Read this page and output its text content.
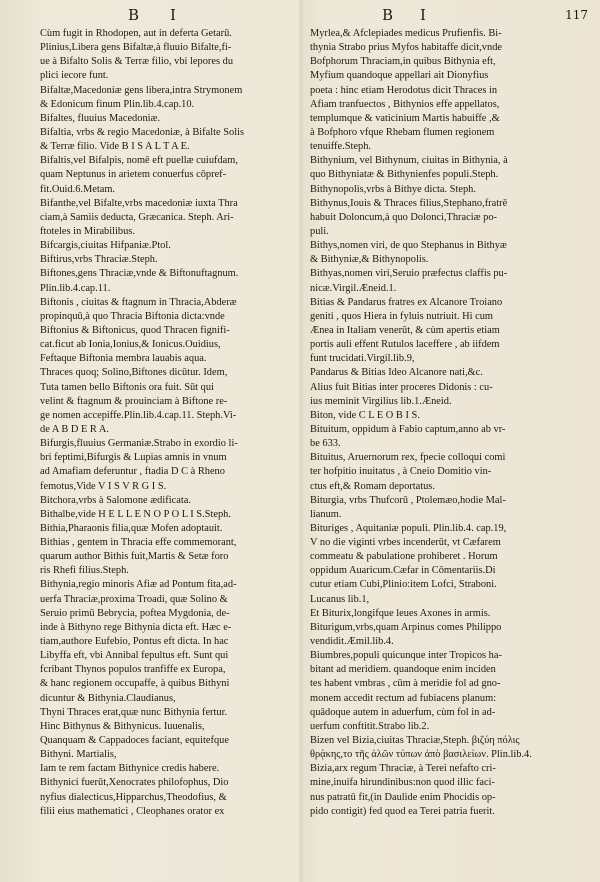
B I	B I	117
Cùm fugit in Rhodopen, aut in deferta Getarū.
Plinius,Libera gens Bifaltæ,à fluuio Bifalte,fi-
ue à Bifalto Solis & Terræ filio, vbi lepores du
plici iecore funt.
Bifaltæ,Macedoniæ gens libera,intra Strymonem
& Edonicum finum Plin.lib.4.cap.10.
Bifaltes, fluuius Macedoniæ.
Bifaltia, vrbs & regio Macedoniæ, à Bifalte Solis
& Terræ filio. Vide B I S A L T A E.
Bifaltis,vel Bifalpis, nomē eft puellæ cuiufdam,
quam Neptunus in arietem conuerfus cōpref-
fit.Ouid.6.Metam.
Bifanthe,vel Bifalte,vrbs macedoniæ iuxta Thra
ciam,à Samiis deducta, Græcanica. Steph. Ari-
ftoteles in Mirabilibus.
Bifcargis,ciuitas Hifpaniæ.Ptol.
Biftirus,vrbs Thraciæ.Steph.
Biftones,gens Thraciæ,vnde & Biftonuftagnum.
Plin.lib.4.cap.11.
Biftonis , ciuitas & ftagnum in Thracia,Abderæ
propinquū,à quo Thracia Biftonia dicta:vnde
Biftonius & Biftonicus, quod Thracen fignifi-
cat.ficut ab Ionia,Ionius,& Ionicus.Ouidius,
Feftaque Biftonia membra lauabis aqua.
Thraces quoq; Solino,Biftones dicūtur. Idem,
Tuta tamen bello Biftonis ora fuit. Sūt qui
velint & ftagnum & prouinciam à Biftone re-
ge nomen accepiffe.Plin.lib.4.cap.11. Steph.Vi-
de A B D E R A.
Bifurgis,fluuius Germaniæ.Strabo in exordio li-
bri feptimi,Bifurgis & Lupias amnis in vnum
ad Amafiam deferuntur , ftadia D C à Rheno
femotus,Vide V I S V R G I S.
Bitchora,vrbs à Salomone ædificata.
Bithalbe,vide H E L L E N O P O L I S.Steph.
Bithia,Pharaonis filia,quæ Mofen adoptauit.
Bithias , gentem in Thracia effe commemorant,
quarum author Bithis fuit,Martis & Setæ foro
ris Rhefi filius.Steph.
Bithynia,regio minoris Afiæ ad Pontum fita,ad-
uerfa Thraciæ,proxima Troadi, quæ Solino &
Seruio primū Bebrycia, poftea Mygdonia, de-
inde à Bithyno rege Bithynia dicta eft. Hæc e-
tiam,authore Eufebio, Pontus eft dicta. In hac
Libyffa eft, vbi Annibal fepultus eft. Sunt qui
fcribant Thynos populos tranfiffe ex Europa,
& hanc regionem occupaffe, à quibus Bithyni
dicuntur & Bithynia.Claudianus,
Thyni Thraces erat,quæ nunc Bithynia fertur.
Hinc Bithynus & Bithynicus. Iuuenalis,
Quanquam & Cappadoces faciant, equitefque
Bithyni. Martialis,
Iam te rem factam Bithynice credis habere.
Bithynici fuerūt,Xenocrates philofophus, Dio
nyfius dialecticus,Hipparchus,Theodofius, &
filii eius mathematici , Cleophanes orator ex
Myrlea,& Afclepiades medicus Prufienfis. Bi-
thynia Strabo prius Myfos habitaffe dicit,vnde
Bofphorum Thraciam,in quibus Bithynia eft,
Myfium quandoque appellari ait Dionyfius
poeta : hinc etiam Herodotus dicit Thraces in
Afiam tranfuectos , Bithynios effe appellatos,
templumque & vaticinium Martis habuiffe ,&
à Bofphoro vfque Rhebam flumen regionem
tenuiffe.Steph.
Bithynium, vel Bithynum, ciuitas in Bithynia, à
quo Bithyniatæ & Bithynienfes populi.Steph.
Bithynopolis,vrbs à Bithye dicta. Steph.
Bithynus,Iouis & Thraces filius,Stephano,fratrē
habuit Doloncum,à quo Dolonci,Thraciæ po-
puli.
Bithys,nomen viri, de quo Stephanus in Bithyæ
& Bithyniæ,& Bithynopolis.
Bithyas,nomen viri,Seruio præfectus claffis pu-
nicæ.Virgil.Æneid.1.
Bitias & Pandarus fratres ex Alcanore Troiano
geniti , quos Hiera in fyluis nutriuit. Hi cum
Ænea in Italiam venerūt, & cùm apertis etiam
portis auli effent Rutulos laceffere , ab iifdem
funt trucidati.Virgil.lib.9,
Pandarus & Bitias Ideo Alcanore nati,&c.
Alius fuit Bitias inter proceres Didonis : cu-
ius meminit Virgilius lib.1.Æneid.
Biton, vide C L E O B I S.
Bituitum, oppidum à Fabio captum,anno ab vr-
be 633.
Bituitus, Aruernorum rex, fpecie colloqui comi
ter hofpitio inuitatus , à Cneio Domitio vin-
ctus eft,& Romam deportatus.
Biturgia, vrbs Thufcorū , Ptolemæo,hodie Mal-
lianum.
Bituriges , Aquitaniæ populi. Plin.lib.4. cap.19,
V no die viginti vrbes incenderūt, vt Cæfarem
commeatu & pabulatione prohiberet . Horum
oppidum Auaricum.Cæfar in Cōmentariis.Di
cutur etiam Cubi,Plinio:item Lofci, Straboni.
Lucanus lib.1,
Et Biturix,longifque leues Axones in armis.
Biturigum,vrbs,quam Arpinus comes Philippo
vendidit.Æmil.lib.4.
Biumbres,populi quicunque inter Tropicos ha-
bitant ad meridiem. quandoque enim inciden
tes habent vmbras , cūm à meridie fol ad gno-
monem accedit rectum ad fubiacens planum:
quādoque autem in aduerfum, cùm fol in ad-
uerfum conftitit.Strabo lib.2.
Bizen vel Bizia,ciuitas Thraciæ,Steph. βιζύη πόλις
θρᾴκης,το τῆς ἀλῶν τύπων ἀπὸ βασιλείων. Plin.lib.4.
Bizia,arx regum Thraciæ, à Terei nefafto cri-
mine,inuifa hirundinibus:non quod illic faci-
nus patratū fit,(in Daulide enim Phocidis op-
pido contigit) fed quod ea Terei patria fuerit.
